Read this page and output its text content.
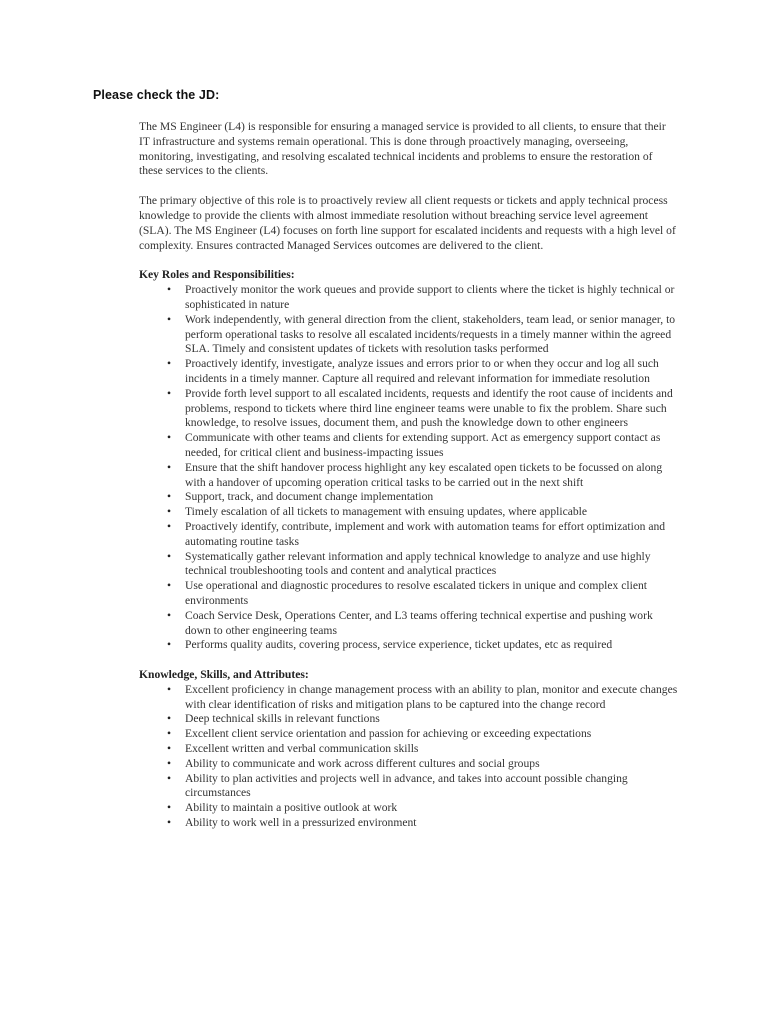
Please check the JD:

The MS Engineer (L4) is responsible for ensuring a managed service is provided to all clients, to ensure that their IT infrastructure and systems remain operational. This is done through proactively managing, overseeing, monitoring, investigating, and resolving escalated technical incidents and problems to ensure the restoration of these services to the clients.

The primary objective of this role is to proactively review all client requests or tickets and apply technical process knowledge to provide the clients with almost immediate resolution without breaching service level agreement (SLA). The MS Engineer (L4) focuses on forth line support for escalated incidents and requests with a high level of complexity. Ensures contracted Managed Services outcomes are delivered to the client.

Key Roles and Responsibilities:

• Proactively monitor the work queues and provide support to clients where the ticket is highly technical or sophisticated in nature
• Work independently, with general direction from the client, stakeholders, team lead, or senior manager, to perform operational tasks to resolve all escalated incidents/requests in a timely manner within the agreed SLA. Timely and consistent updates of tickets with resolution tasks performed
• Proactively identify, investigate, analyze issues and errors prior to or when they occur and log all such incidents in a timely manner. Capture all required and relevant information for immediate resolution
• Provide forth level support to all escalated incidents, requests and identify the root cause of incidents and problems, respond to tickets where third line engineer teams were unable to fix the problem. Share such knowledge, to resolve issues, document them, and push the knowledge down to other engineers
• Communicate with other teams and clients for extending support. Act as emergency support contact as needed, for critical client and business-impacting issues
• Ensure that the shift handover process highlight any key escalated open tickets to be focussed on along with a handover of upcoming operation critical tasks to be carried out in the next shift
• Support, track, and document change implementation
• Timely escalation of all tickets to management with ensuing updates, where applicable
• Proactively identify, contribute, implement and work with automation teams for effort optimization and automating routine tasks
• Systematically gather relevant information and apply technical knowledge to analyze and use highly technical troubleshooting tools and content and analytical practices
• Use operational and diagnostic procedures to resolve escalated tickers in unique and complex client environments
• Coach Service Desk, Operations Center, and L3 teams offering technical expertise and pushing work down to other engineering teams
• Performs quality audits, covering process, service experience, ticket updates, etc as required

Knowledge, Skills, and Attributes:

• Excellent proficiency in change management process with an ability to plan, monitor and execute changes with clear identification of risks and mitigation plans to be captured into the change record
• Deep technical skills in relevant functions
• Excellent client service orientation and passion for achieving or exceeding expectations
• Excellent written and verbal communication skills
• Ability to communicate and work across different cultures and social groups
• Ability to plan activities and projects well in advance, and takes into account possible changing circumstances
• Ability to maintain a positive outlook at work
• Ability to work well in a pressurized environment
